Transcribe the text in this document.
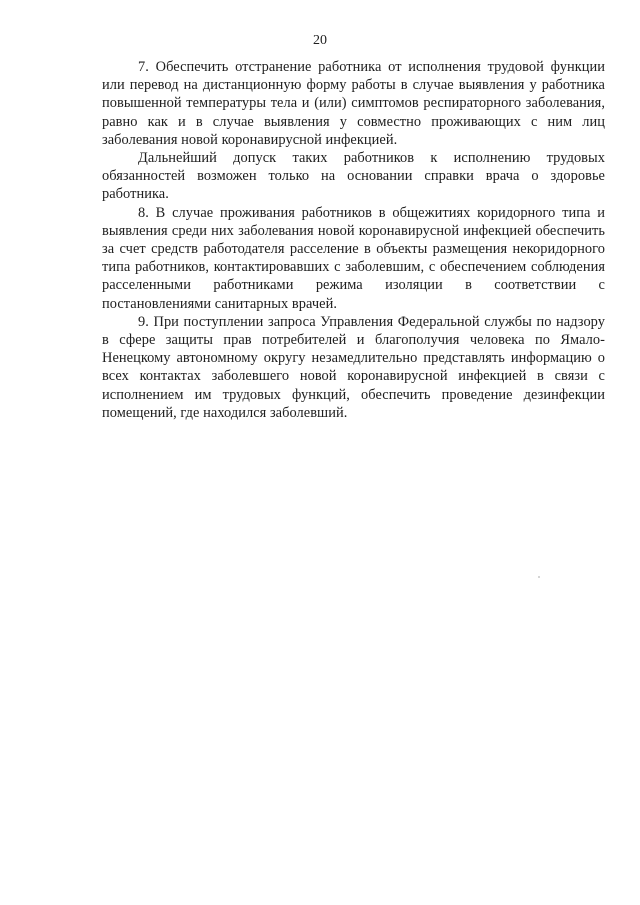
20

7. Обеспечить отстранение работника от исполнения трудовой функции или перевод на дистанционную форму работы в случае выявления у работника повышенной температуры тела и (или) симптомов респираторного заболевания, равно как и в случае выявления у совместно проживающих с ним лиц заболевания новой коронавирусной инфекцией.

Дальнейший допуск таких работников к исполнению трудовых обязанностей возможен только на основании справки врача о здоровье работника.

8. В случае проживания работников в общежитиях коридорного типа и выявления среди них заболевания новой коронавирусной инфекцией обеспечить за счет средств работодателя расселение в объекты размещения некоридорного типа работников, контактировавших с заболевшим, с обеспечением соблюдения расселенными работниками режима изоляции в соответствии с постановлениями санитарных врачей.

9. При поступлении запроса Управления Федеральной службы по надзору в сфере защиты прав потребителей и благополучия человека по Ямало-Ненецкому автономному округу незамедлительно представлять информацию о всех контактах заболевшего новой коронавирусной инфекцией в связи с исполнением им трудовых функций, обеспечить проведение дезинфекции помещений, где находился заболевший.
